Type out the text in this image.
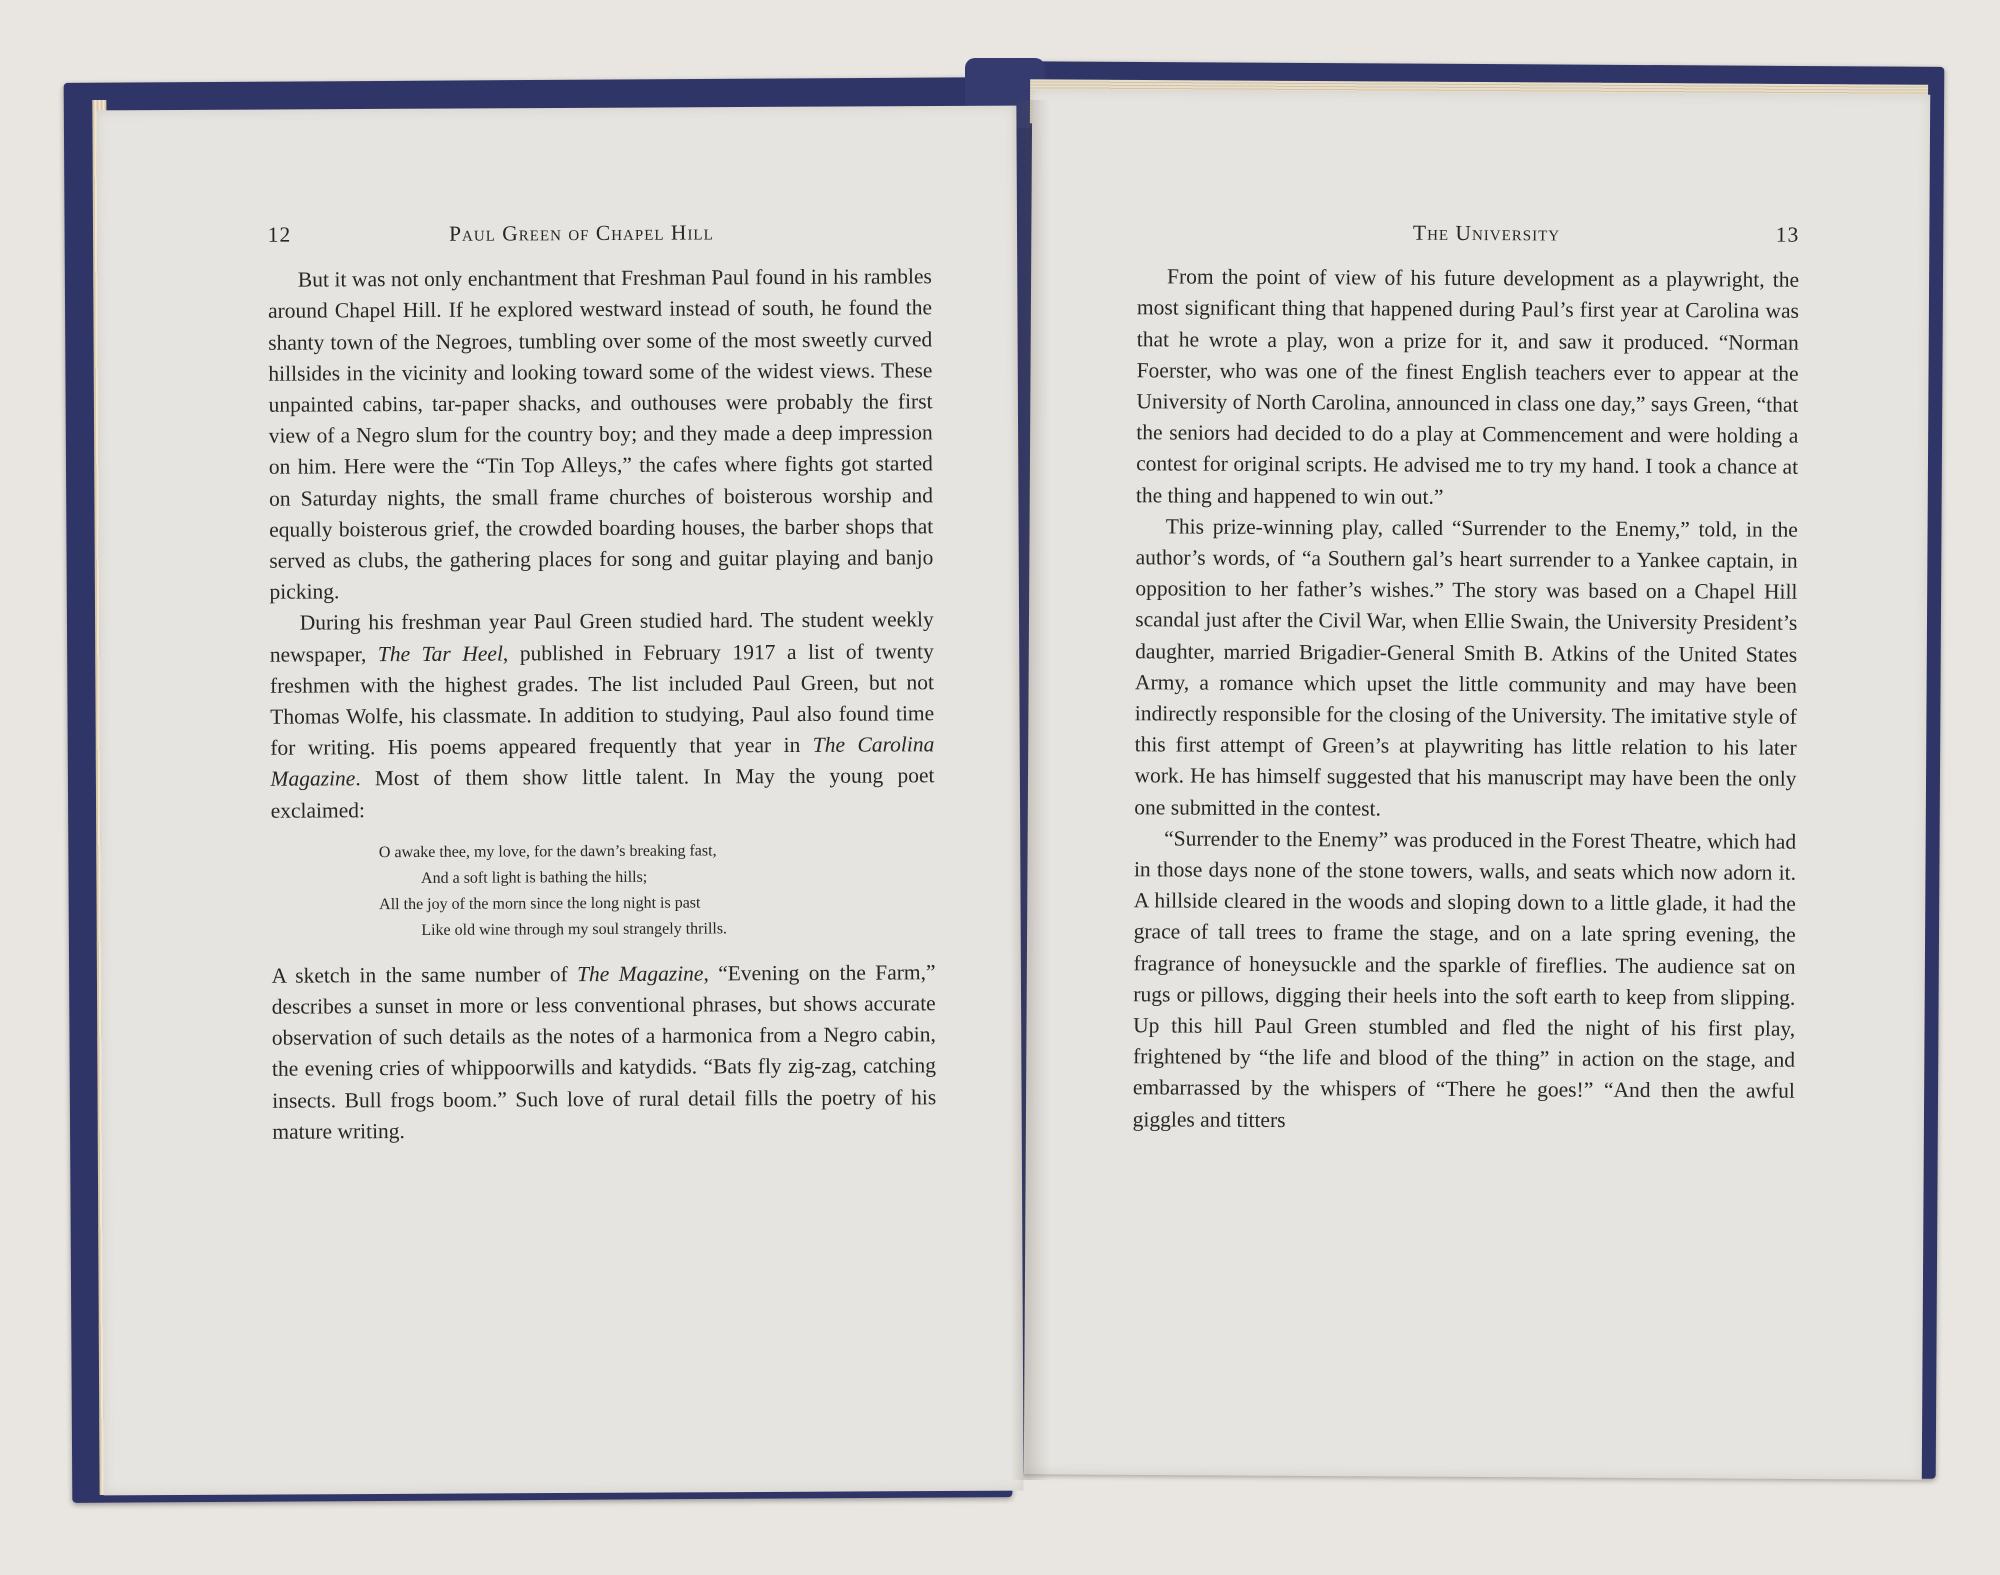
12	Paul Green of Chapel Hill

But it was not only enchantment that Freshman Paul found in his rambles around Chapel Hill. If he explored westward instead of south, he found the shanty town of the Negroes, tumbling over some of the most sweetly curved hillsides in the vicinity and looking toward some of the widest views. These unpainted cabins, tar-paper shacks, and outhouses were probably the first view of a Negro slum for the country boy; and they made a deep impression on him. Here were the “Tin Top Alleys,” the cafes where fights got started on Saturday nights, the small frame churches of boisterous worship and equally boisterous grief, the crowded boarding houses, the barber shops that served as clubs, the gathering places for song and guitar playing and banjo picking.

During his freshman year Paul Green studied hard. The student weekly newspaper, The Tar Heel, published in February 1917 a list of twenty freshmen with the highest grades. The list included Paul Green, but not Thomas Wolfe, his classmate. In addition to studying, Paul also found time for writing. His poems appeared frequently that year in The Carolina Magazine. Most of them show little talent. In May the young poet exclaimed:

O awake thee, my love, for the dawn’s breaking fast,
And a soft light is bathing the hills;
All the joy of the morn since the long night is past
Like old wine through my soul strangely thrills.

A sketch in the same number of The Magazine, “Evening on the Farm,” describes a sunset in more or less conventional phrases, but shows accurate observation of such details as the notes of a harmonica from a Negro cabin, the evening cries of whippoorwills and katydids. “Bats fly zig-zag, catching insects. Bull frogs boom.” Such love of rural detail fills the poetry of his mature writing.

The University	13

From the point of view of his future development as a playwright, the most significant thing that happened during Paul’s first year at Carolina was that he wrote a play, won a prize for it, and saw it produced. “Norman Foerster, who was one of the finest English teachers ever to appear at the University of North Carolina, announced in class one day,” says Green, “that the seniors had decided to do a play at Commencement and were holding a contest for original scripts. He advised me to try my hand. I took a chance at the thing and happened to win out.”

This prize-winning play, called “Surrender to the Enemy,” told, in the author’s words, of “a Southern gal’s heart surrender to a Yankee captain, in opposition to her father’s wishes.” The story was based on a Chapel Hill scandal just after the Civil War, when Ellie Swain, the University President’s daughter, married Brigadier-General Smith B. Atkins of the United States Army, a romance which upset the little community and may have been indirectly responsible for the closing of the University. The imitative style of this first attempt of Green’s at playwriting has little relation to his later work. He has himself suggested that his manuscript may have been the only one submitted in the contest.

“Surrender to the Enemy” was produced in the Forest Theatre, which had in those days none of the stone towers, walls, and seats which now adorn it. A hillside cleared in the woods and sloping down to a little glade, it had the grace of tall trees to frame the stage, and on a late spring evening, the fragrance of honeysuckle and the sparkle of fireflies. The audience sat on rugs or pillows, digging their heels into the soft earth to keep from slipping. Up this hill Paul Green stumbled and fled the night of his first play, frightened by “the life and blood of the thing” in action on the stage, and embarrassed by the whispers of “There he goes!” “And then the awful giggles and titters
